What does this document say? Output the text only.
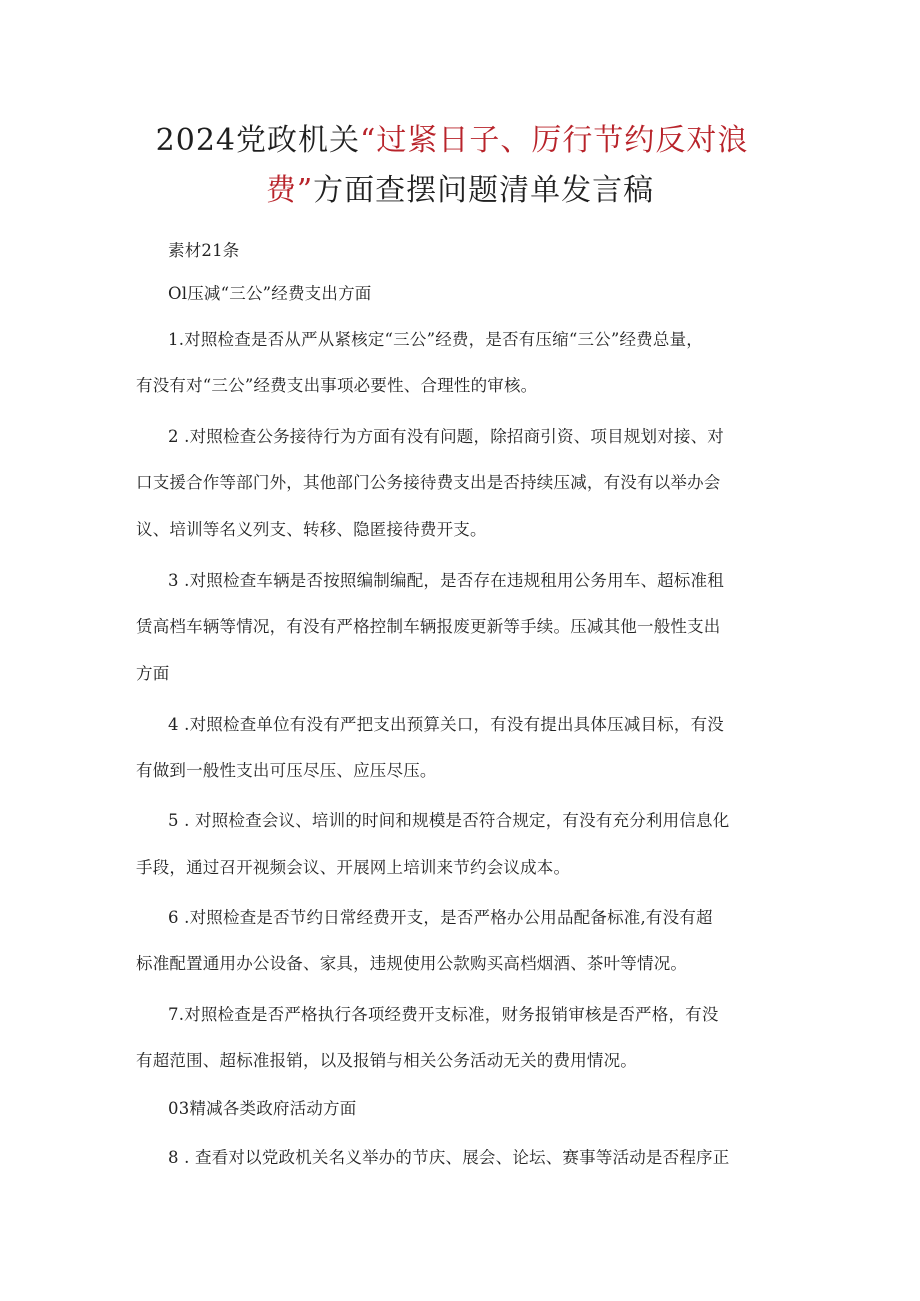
2024党政机关“过紧日子、厉行节约反对浪
费”方面查摆问题清单发言稿
素材21条
Ol压减“三公”经费支出方面
1.对照检查是否从严从紧核定“三公”经费，是否有压缩“三公”经费总量，
有没有对“三公”经费支出事项必要性、合理性的审核。
2 .对照检查公务接待行为方面有没有问题，除招商引资、项目规划对接、对
口支援合作等部门外，其他部门公务接待费支出是否持续压减，有没有以举办会
议、培训等名义列支、转移、隐匿接待费开支。
3 .对照检查车辆是否按照编制编配，是否存在违规租用公务用车、超标准租
赁高档车辆等情况，有没有严格控制车辆报废更新等手续。压减其他一般性支出
方面
4 .对照检查单位有没有严把支出预算关口，有没有提出具体压减目标，有没
有做到一般性支出可压尽压、应压尽压。
5 . 对照检查会议、培训的时间和规模是否符合规定，有没有充分利用信息化
手段，通过召开视频会议、开展网上培训来节约会议成本。
6 .对照检查是否节约日常经费开支，是否严格办公用品配备标准,有没有超
标准配置通用办公设备、家具，违规使用公款购买高档烟酒、茶叶等情况。
7.对照检查是否严格执行各项经费开支标准，财务报销审核是否严格，有没
有超范围、超标准报销，以及报销与相关公务活动无关的费用情况。
03精减各类政府活动方面
8 . 查看对以党政机关名义举办的节庆、展会、论坛、赛事等活动是否程序正
